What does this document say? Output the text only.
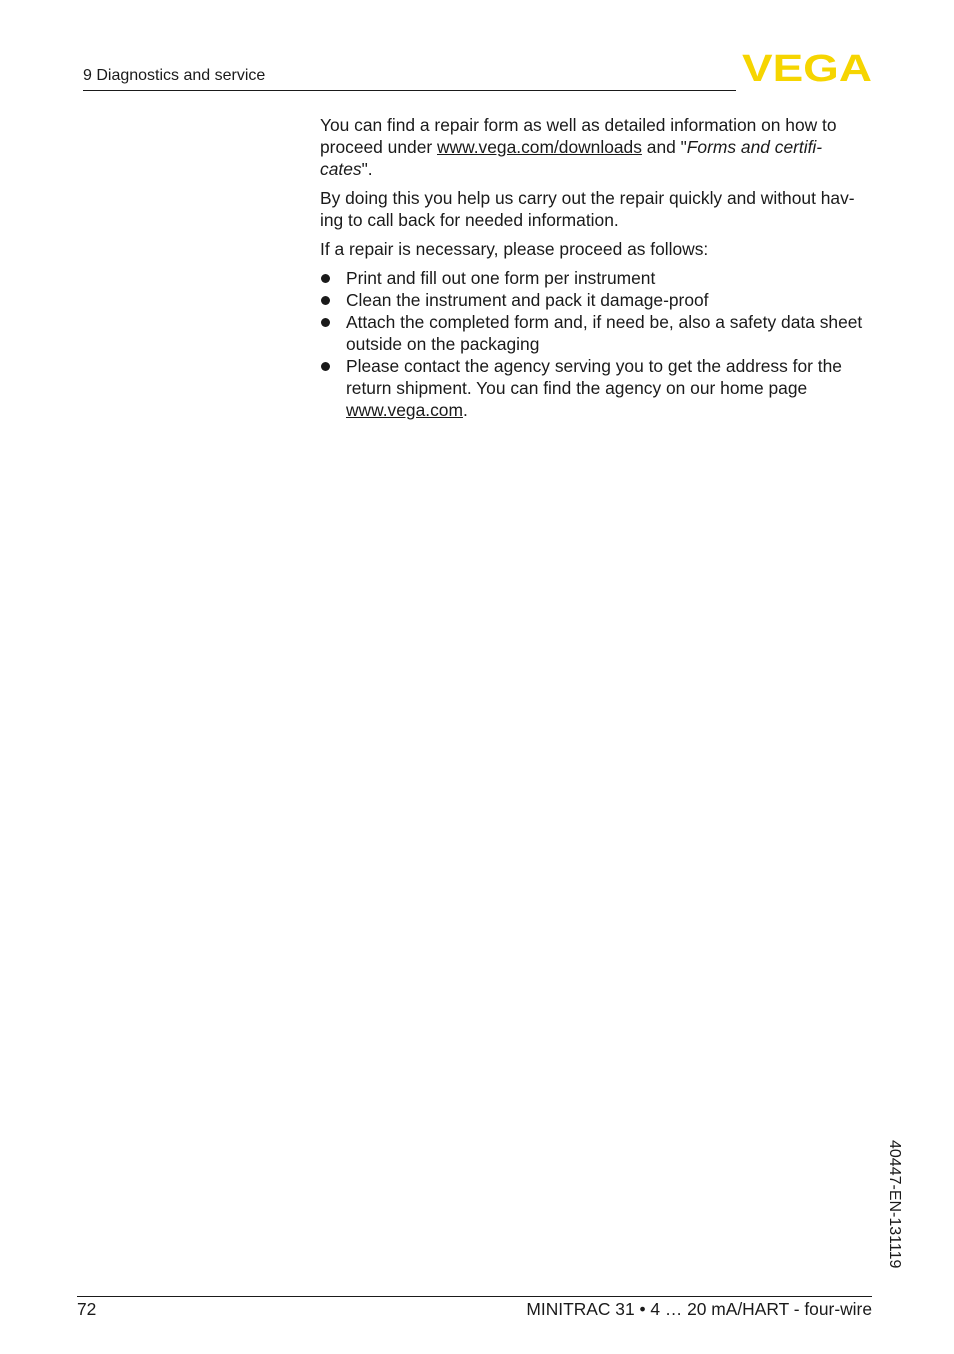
9 Diagnostics and service	VEGA

You can find a repair form as well as detailed information on how to proceed under www.vega.com/downloads and "Forms and certifi-cates".

By doing this you help us carry out the repair quickly and without hav-ing to call back for needed information.

If a repair is necessary, please proceed as follows:

Print and fill out one form per instrument
Clean the instrument and pack it damage-proof
Attach the completed form and, if need be, also a safety data sheet outside on the packaging
Please contact the agency serving you to get the address for the return shipment. You can find the agency on our home page www.vega.com.
40447-EN-131119
72	MINITRAC 31 • 4 … 20 mA/HART - four-wire
